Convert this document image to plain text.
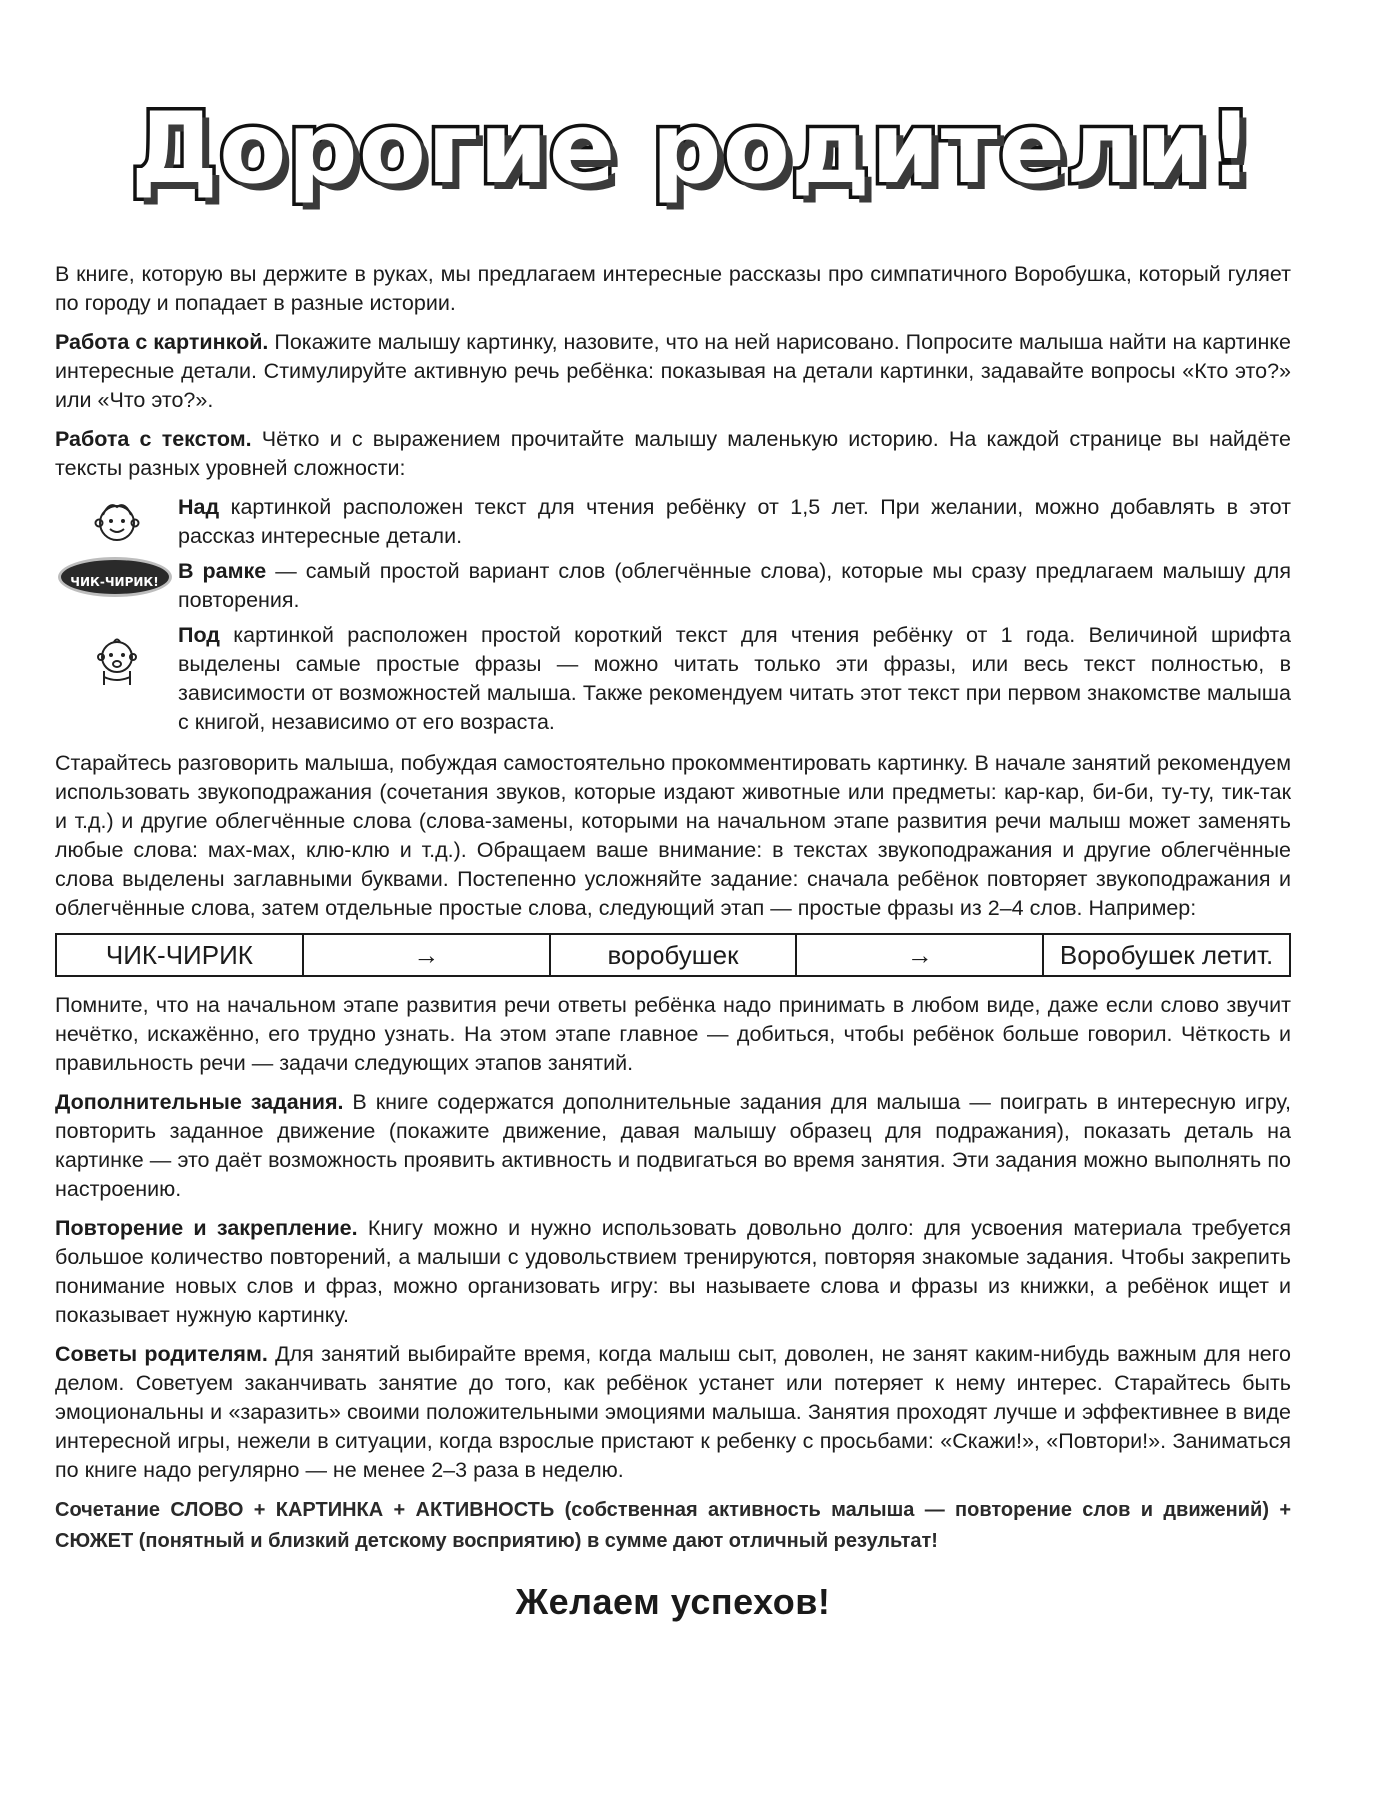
Дорогие родители!

В книге, которую вы держите в руках, мы предлагаем интересные рассказы про симпатичного Воробушка, который гуляет по городу и попадает в разные истории.

Работа с картинкой. Покажите малышу картинку, назовите, что на ней нарисовано. Попросите малыша найти на картинке интересные детали. Стимулируйте активную речь ребёнка: показывая на детали картинки, задавайте вопросы «Кто это?» или «Что это?».

Работа с текстом. Чётко и с выражением прочитайте малышу маленькую историю. На каждой странице вы найдёте тексты разных уровней сложности:

Над картинкой расположен текст для чтения ребёнку от 1,5 лет. При желании, можно добавлять в этот рассказ интересные детали.
ЧИК-ЧИРИК! В рамке — самый простой вариант слов (облегчённые слова), которые мы сразу предлагаем малышу для повторения.
Под картинкой расположен простой короткий текст для чтения ребёнку от 1 года. Величиной шрифта выделены самые простые фразы — можно читать только эти фразы, или весь текст полностью, в зависимости от возможностей малыша. Также рекомендуем читать этот текст при первом знакомстве малыша с книгой, независимо от его возраста.

Старайтесь разговорить малыша, побуждая самостоятельно прокомментировать картинку. В начале занятий рекомендуем использовать звукоподражания (сочетания звуков, которые издают животные или предметы: кар-кар, би-би, ту-ту, тик-так и т.д.) и другие облегчённые слова (слова-замены, которыми на начальном этапе развития речи малыш может заменять любые слова: мах-мах, клю-клю и т.д.). Обращаем ваше внимание: в текстах звукоподражания и другие облегчённые слова выделены заглавными буквами. Постепенно усложняйте задание: сначала ребёнок повторяет звукоподражания и облегчённые слова, затем отдельные простые слова, следующий этап — простые фразы из 2–4 слов. Например:

ЧИК-ЧИРИК	→	воробушек	→	Воробушек летит.

Помните, что на начальном этапе развития речи ответы ребёнка надо принимать в любом виде, даже если слово звучит нечётко, искажённо, его трудно узнать. На этом этапе главное — добиться, чтобы ребёнок больше говорил. Чёткость и правильность речи — задачи следующих этапов занятий.

Дополнительные задания. В книге содержатся дополнительные задания для малыша — поиграть в интересную игру, повторить заданное движение (покажите движение, давая малышу образец для подражания), показать деталь на картинке — это даёт возможность проявить активность и подвигаться во время занятия. Эти задания можно выполнять по настроению.

Повторение и закрепление. Книгу можно и нужно использовать довольно долго: для усвоения материала требуется большое количество повторений, а малыши с удовольствием тренируются, повторяя знакомые задания. Чтобы закрепить понимание новых слов и фраз, можно организовать игру: вы называете слова и фразы из книжки, а ребёнок ищет и показывает нужную картинку.

Советы родителям. Для занятий выбирайте время, когда малыш сыт, доволен, не занят каким-нибудь важным для него делом. Советуем заканчивать занятие до того, как ребёнок устанет или потеряет к нему интерес. Старайтесь быть эмоциональны и «заразить» своими положительными эмоциями малыша. Занятия проходят лучше и эффективнее в виде интересной игры, нежели в ситуации, когда взрослые пристают к ребенку с просьбами: «Скажи!», «Повтори!». Заниматься по книге надо регулярно — не менее 2–3 раза в неделю.

Сочетание СЛОВО + КАРТИНКА + АКТИВНОСТЬ (собственная активность малыша — повторение слов и движений) + СЮЖЕТ (понятный и близкий детскому восприятию) в сумме дают отличный результат!

Желаем успехов!
